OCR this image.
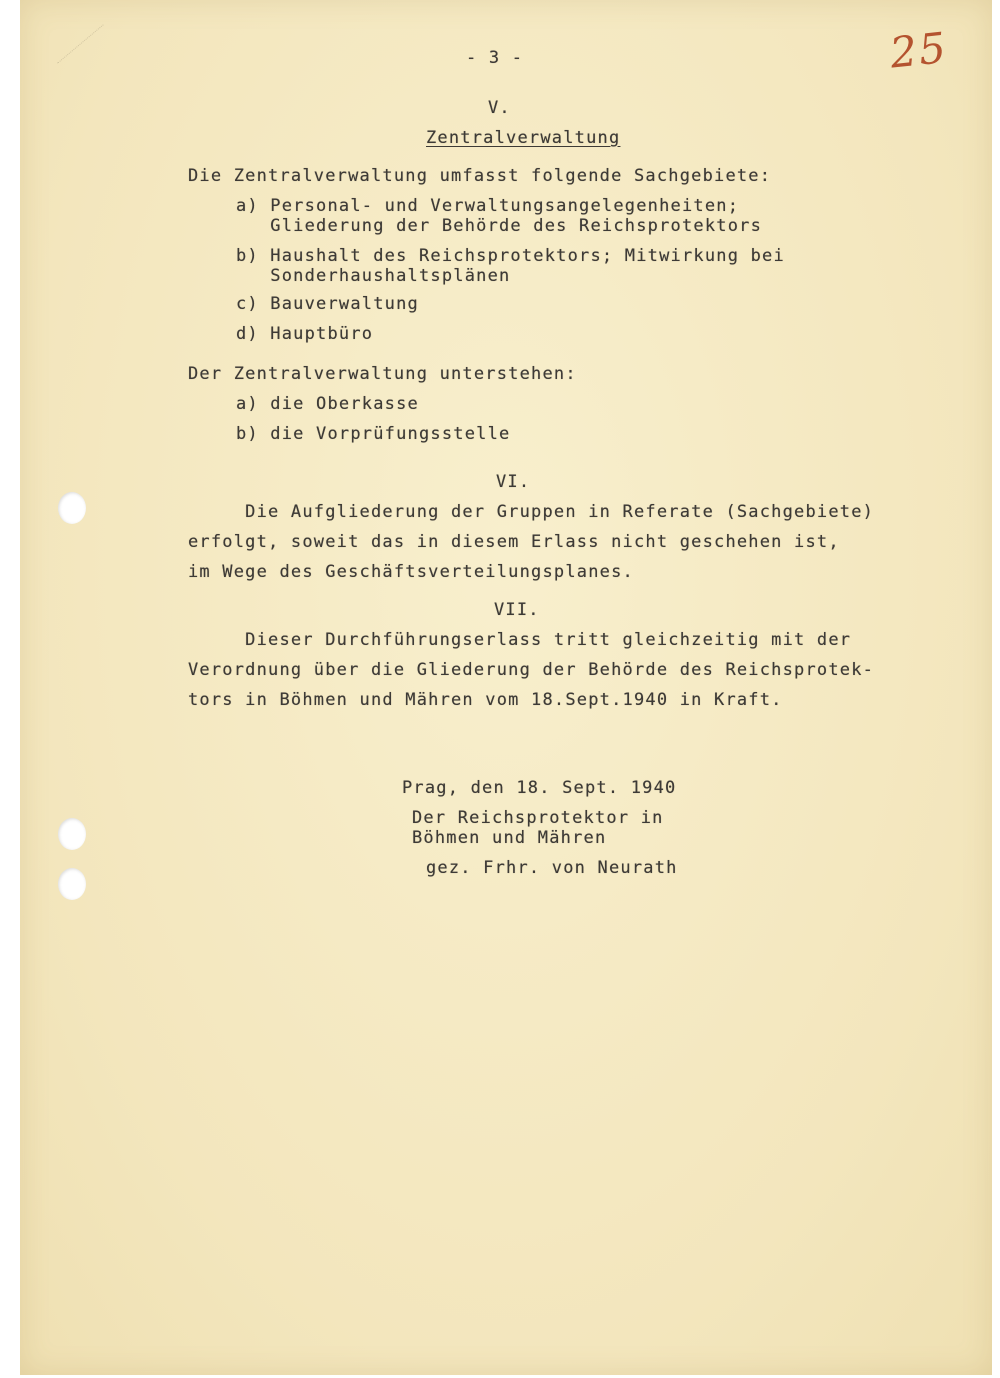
25

- 3 -

V.

Zentralverwaltung

Die Zentralverwaltung umfasst folgende Sachgebiete:

a) Personal- und Verwaltungsangelegenheiten;

Gliederung der Behörde des Reichsprotektors

b) Haushalt des Reichsprotektors; Mitwirkung bei

Sonderhaushaltsplänen

c) Bauverwaltung

d) Hauptbüro

Der Zentralverwaltung unterstehen:

a) die Oberkasse

b) die Vorprüfungsstelle

VI.

Die Aufgliederung der Gruppen in Referate (Sachgebiete)

erfolgt, soweit das in diesem Erlass nicht geschehen ist,

im Wege des Geschäftsverteilungsplanes.

VII.

Dieser Durchführungserlass tritt gleichzeitig mit der

Verordnung über die Gliederung der Behörde des Reichsprotek-

tors in Böhmen und Mähren vom 18.Sept.1940 in Kraft.

Prag, den 18. Sept. 1940

Der Reichsprotektor in

Böhmen und Mähren

gez. Frhr. von Neurath
